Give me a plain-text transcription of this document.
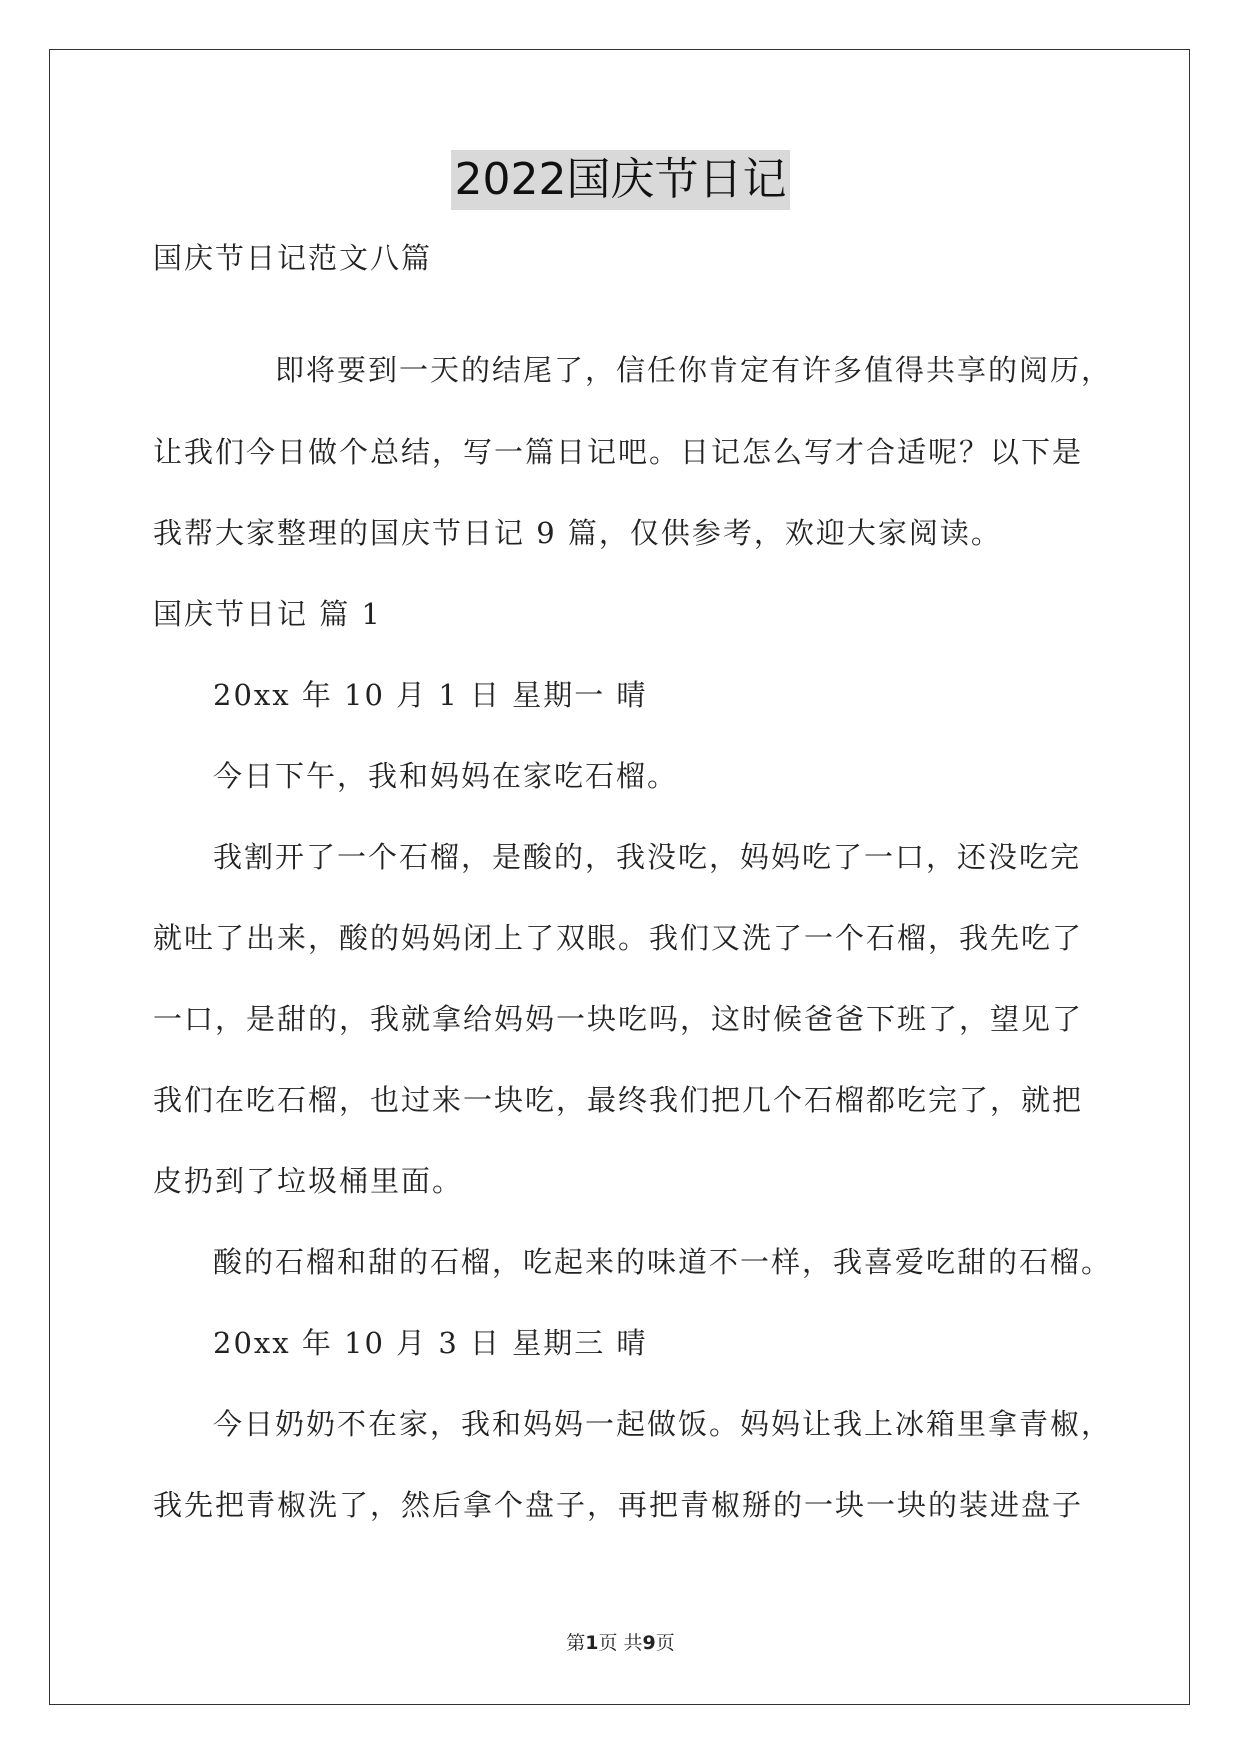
2022国庆节日记
国庆节日记范文八篇
即将要到一天的结尾了，信任你肯定有许多值得共享的阅历，
让我们今日做个总结，写一篇日记吧。日记怎么写才合适呢？以下是
我帮大家整理的国庆节日记 9 篇，仅供参考，欢迎大家阅读。
国庆节日记 篇 1
20xx 年 10 月 1 日 星期一 晴
今日下午，我和妈妈在家吃石榴。
我割开了一个石榴，是酸的，我没吃，妈妈吃了一口，还没吃完
就吐了出来，酸的妈妈闭上了双眼。我们又洗了一个石榴，我先吃了
一口，是甜的，我就拿给妈妈一块吃吗，这时候爸爸下班了，望见了
我们在吃石榴，也过来一块吃，最终我们把几个石榴都吃完了，就把
皮扔到了垃圾桶里面。
酸的石榴和甜的石榴，吃起来的味道不一样，我喜爱吃甜的石榴。
20xx 年 10 月 3 日 星期三 晴
今日奶奶不在家，我和妈妈一起做饭。妈妈让我上冰箱里拿青椒，
我先把青椒洗了，然后拿个盘子，再把青椒掰的一块一块的装进盘子
第1页 共9页
